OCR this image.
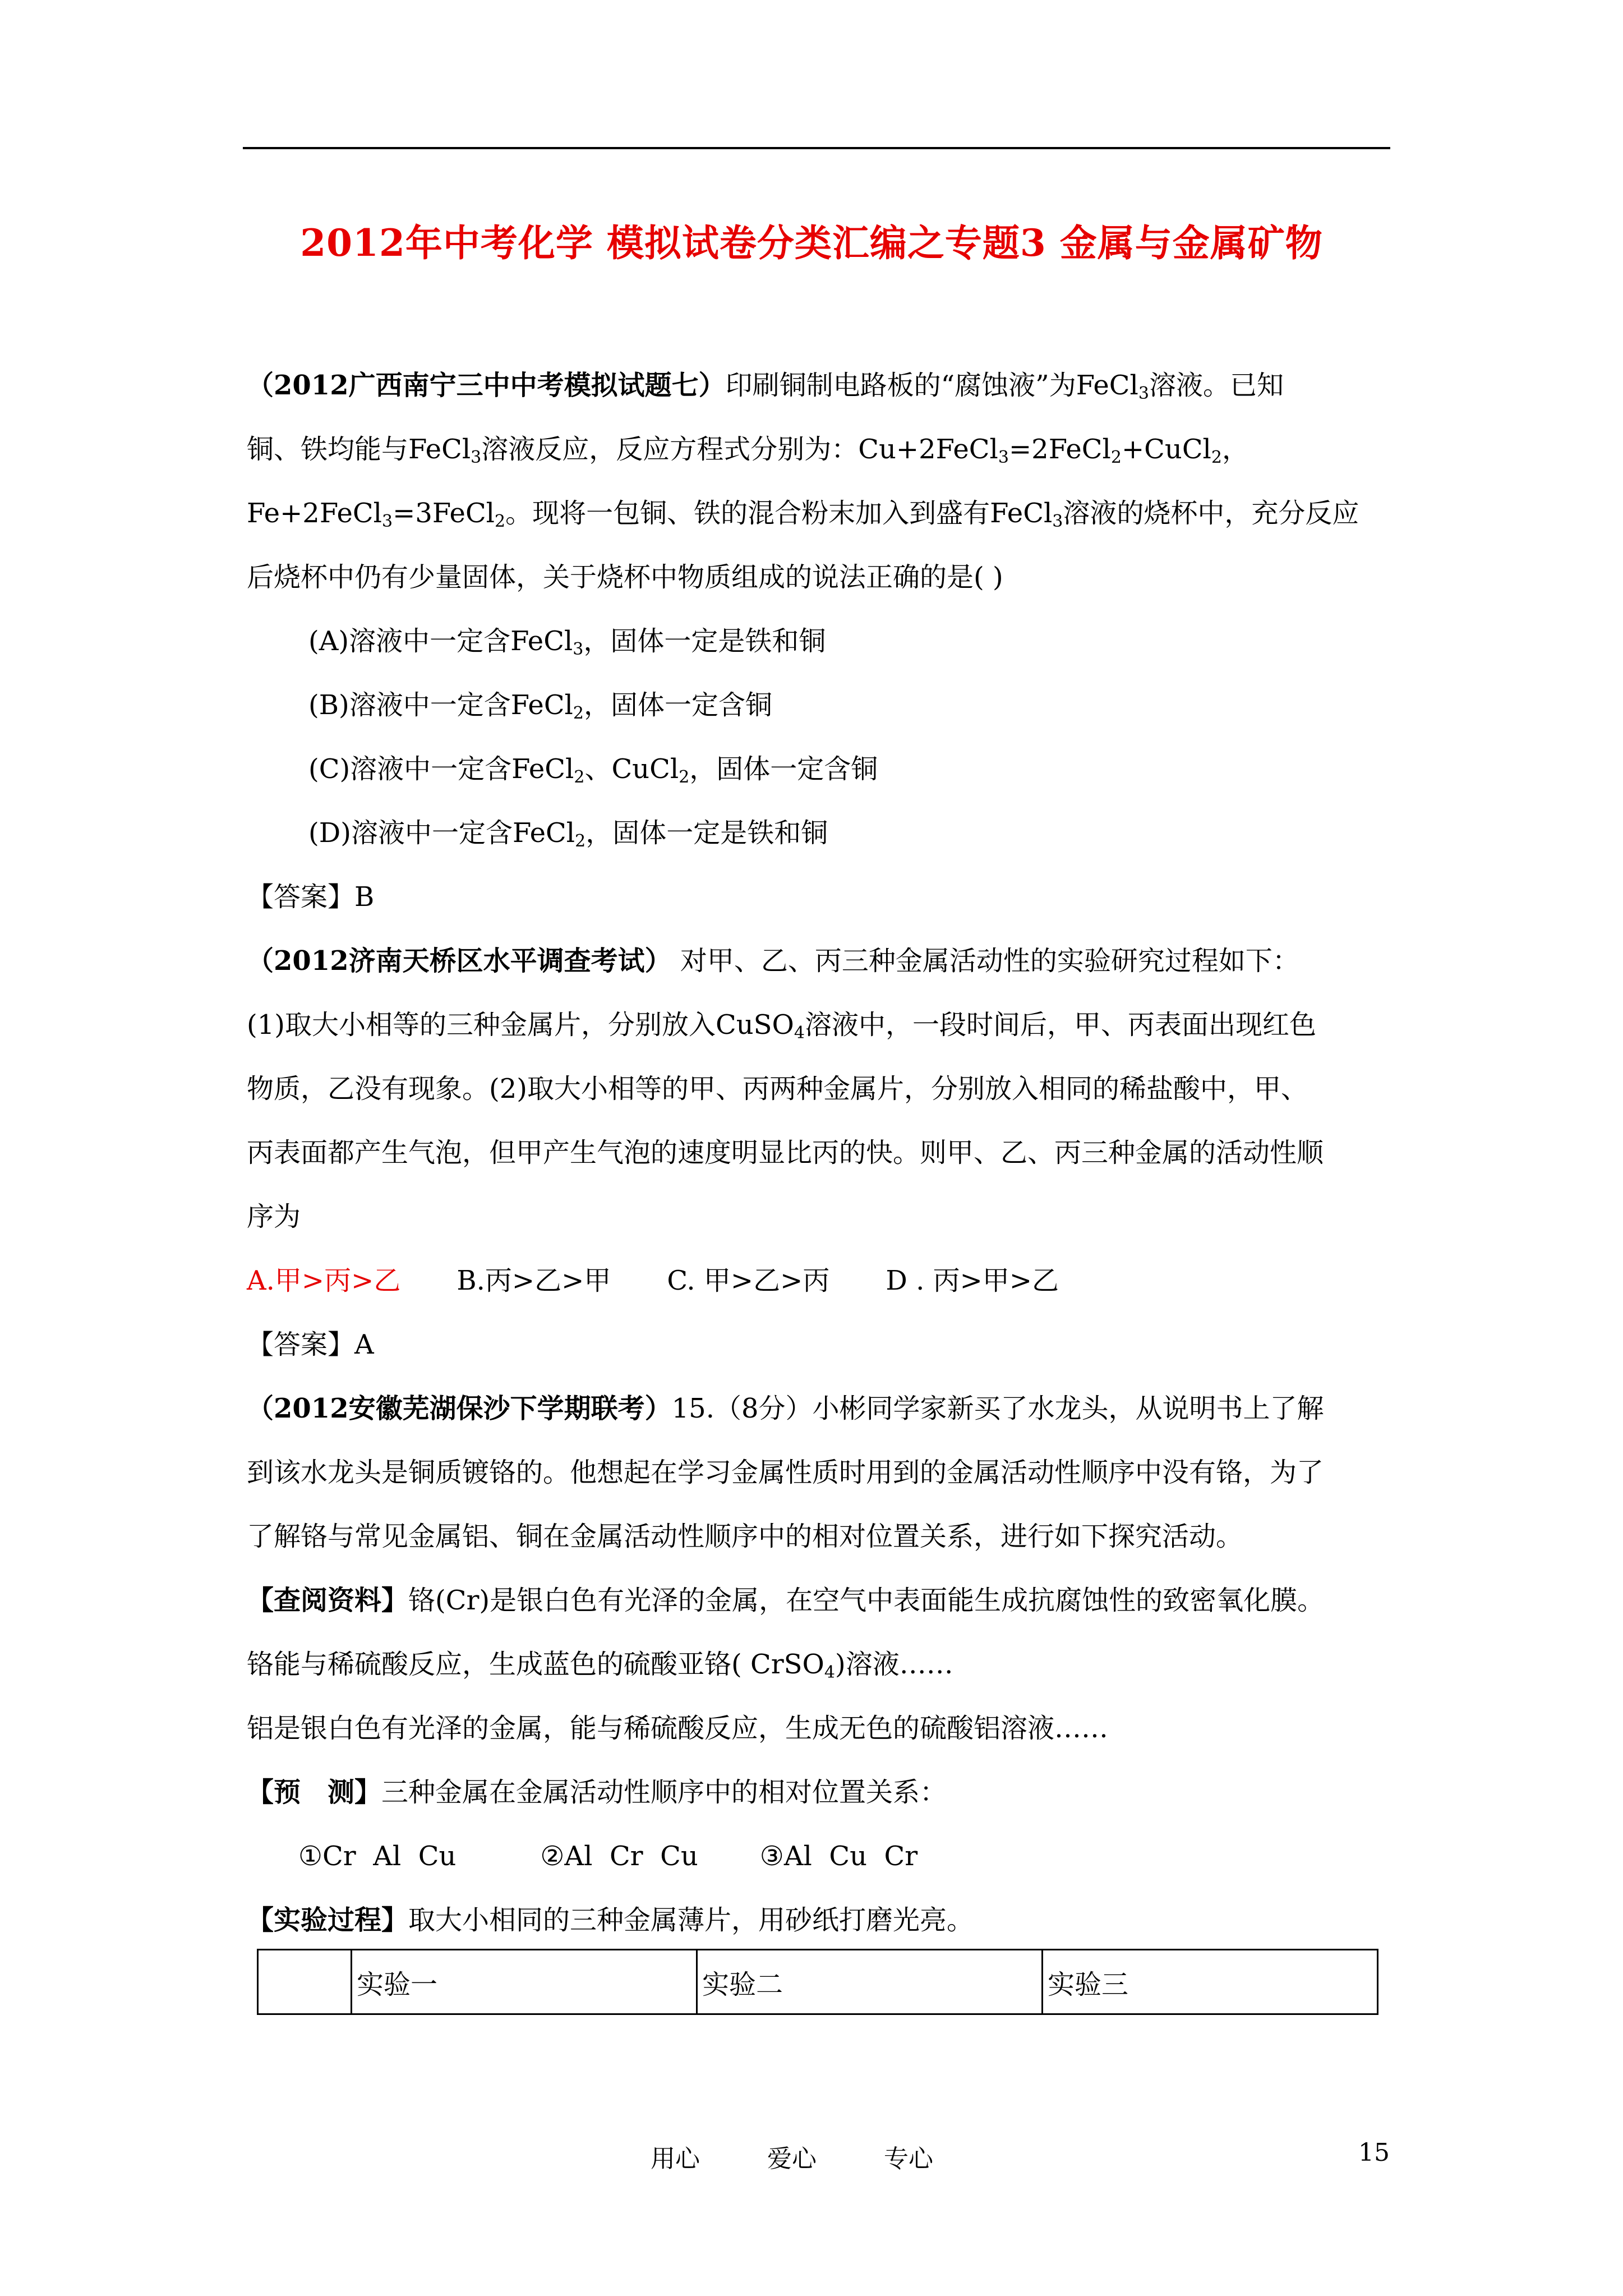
2012年中考化学 模拟试卷分类汇编之专题3 金属与金属矿物
（2012广西南宁三中中考模拟试题七）印刷铜制电路板的“腐蚀液”为FeCl$_3$溶液。已知
铜、铁均能与FeCl$_3$溶液反应，反应方程式分别为：Cu+2FeCl$_3$=2FeCl$_2$+CuCl$_2$，
Fe+2FeCl$_3$=3FeCl$_2$。现将一包铜、铁的混合粉末加入到盛有FeCl$_3$溶液的烧杯中，充分反应
后烧杯中仍有少量固体，关于烧杯中物质组成的说法正确的是( )
(A)溶液中一定含FeCl$_3$，固体一定是铁和铜
(B)溶液中一定含FeCl$_2$，固体一定含铜
(C)溶液中一定含FeCl$_2$、CuCl$_2$，固体一定含铜
(D)溶液中一定含FeCl$_2$，固体一定是铁和铜
【答案】B
（2012济南天桥区水平调查考试） 对甲、乙、丙三种金属活动性的实验研究过程如下：
(1)取大小相等的三种金属片，分别放入CuSO$_4$溶液中，一段时间后，甲、丙表面出现红色
物质，乙没有现象。(2)取大小相等的甲、丙两种金属片，分别放入相同的稀盐酸中，甲、
丙表面都产生气泡，但甲产生气泡的速度明显比丙的快。则甲、乙、丙三种金属的活动性顺
序为
A.甲>丙>乙 B.丙>乙>甲 C. 甲>乙>丙 D . 丙>甲>乙
【答案】A
（2012安徽芜湖保沙下学期联考）15.（8分）小彬同学家新买了水龙头，从说明书上了解
到该水龙头是铜质镀铬的。他想起在学习金属性质时用到的金属活动性顺序中没有铬，为了
了解铬与常见金属铝、铜在金属活动性顺序中的相对位置关系，进行如下探究活动。
【查阅资料】铬(Cr)是银白色有光泽的金属，在空气中表面能生成抗腐蚀性的致密氧化膜。
铬能与稀硫酸反应，生成蓝色的硫酸亚铬( CrSO$_4$)溶液……
铝是银白色有光泽的金属，能与稀硫酸反应，生成无色的硫酸铝溶液……
【预　测】三种金属在金属活动性顺序中的相对位置关系：
①Cr  Al  Cu	②Al  Cr  Cu ③Al  Cu  Cr
【实验过程】取大小相同的三种金属薄片，用砂纸打磨光亮。
	实验一	实验二	实验三
用心	爱心	专心	15
